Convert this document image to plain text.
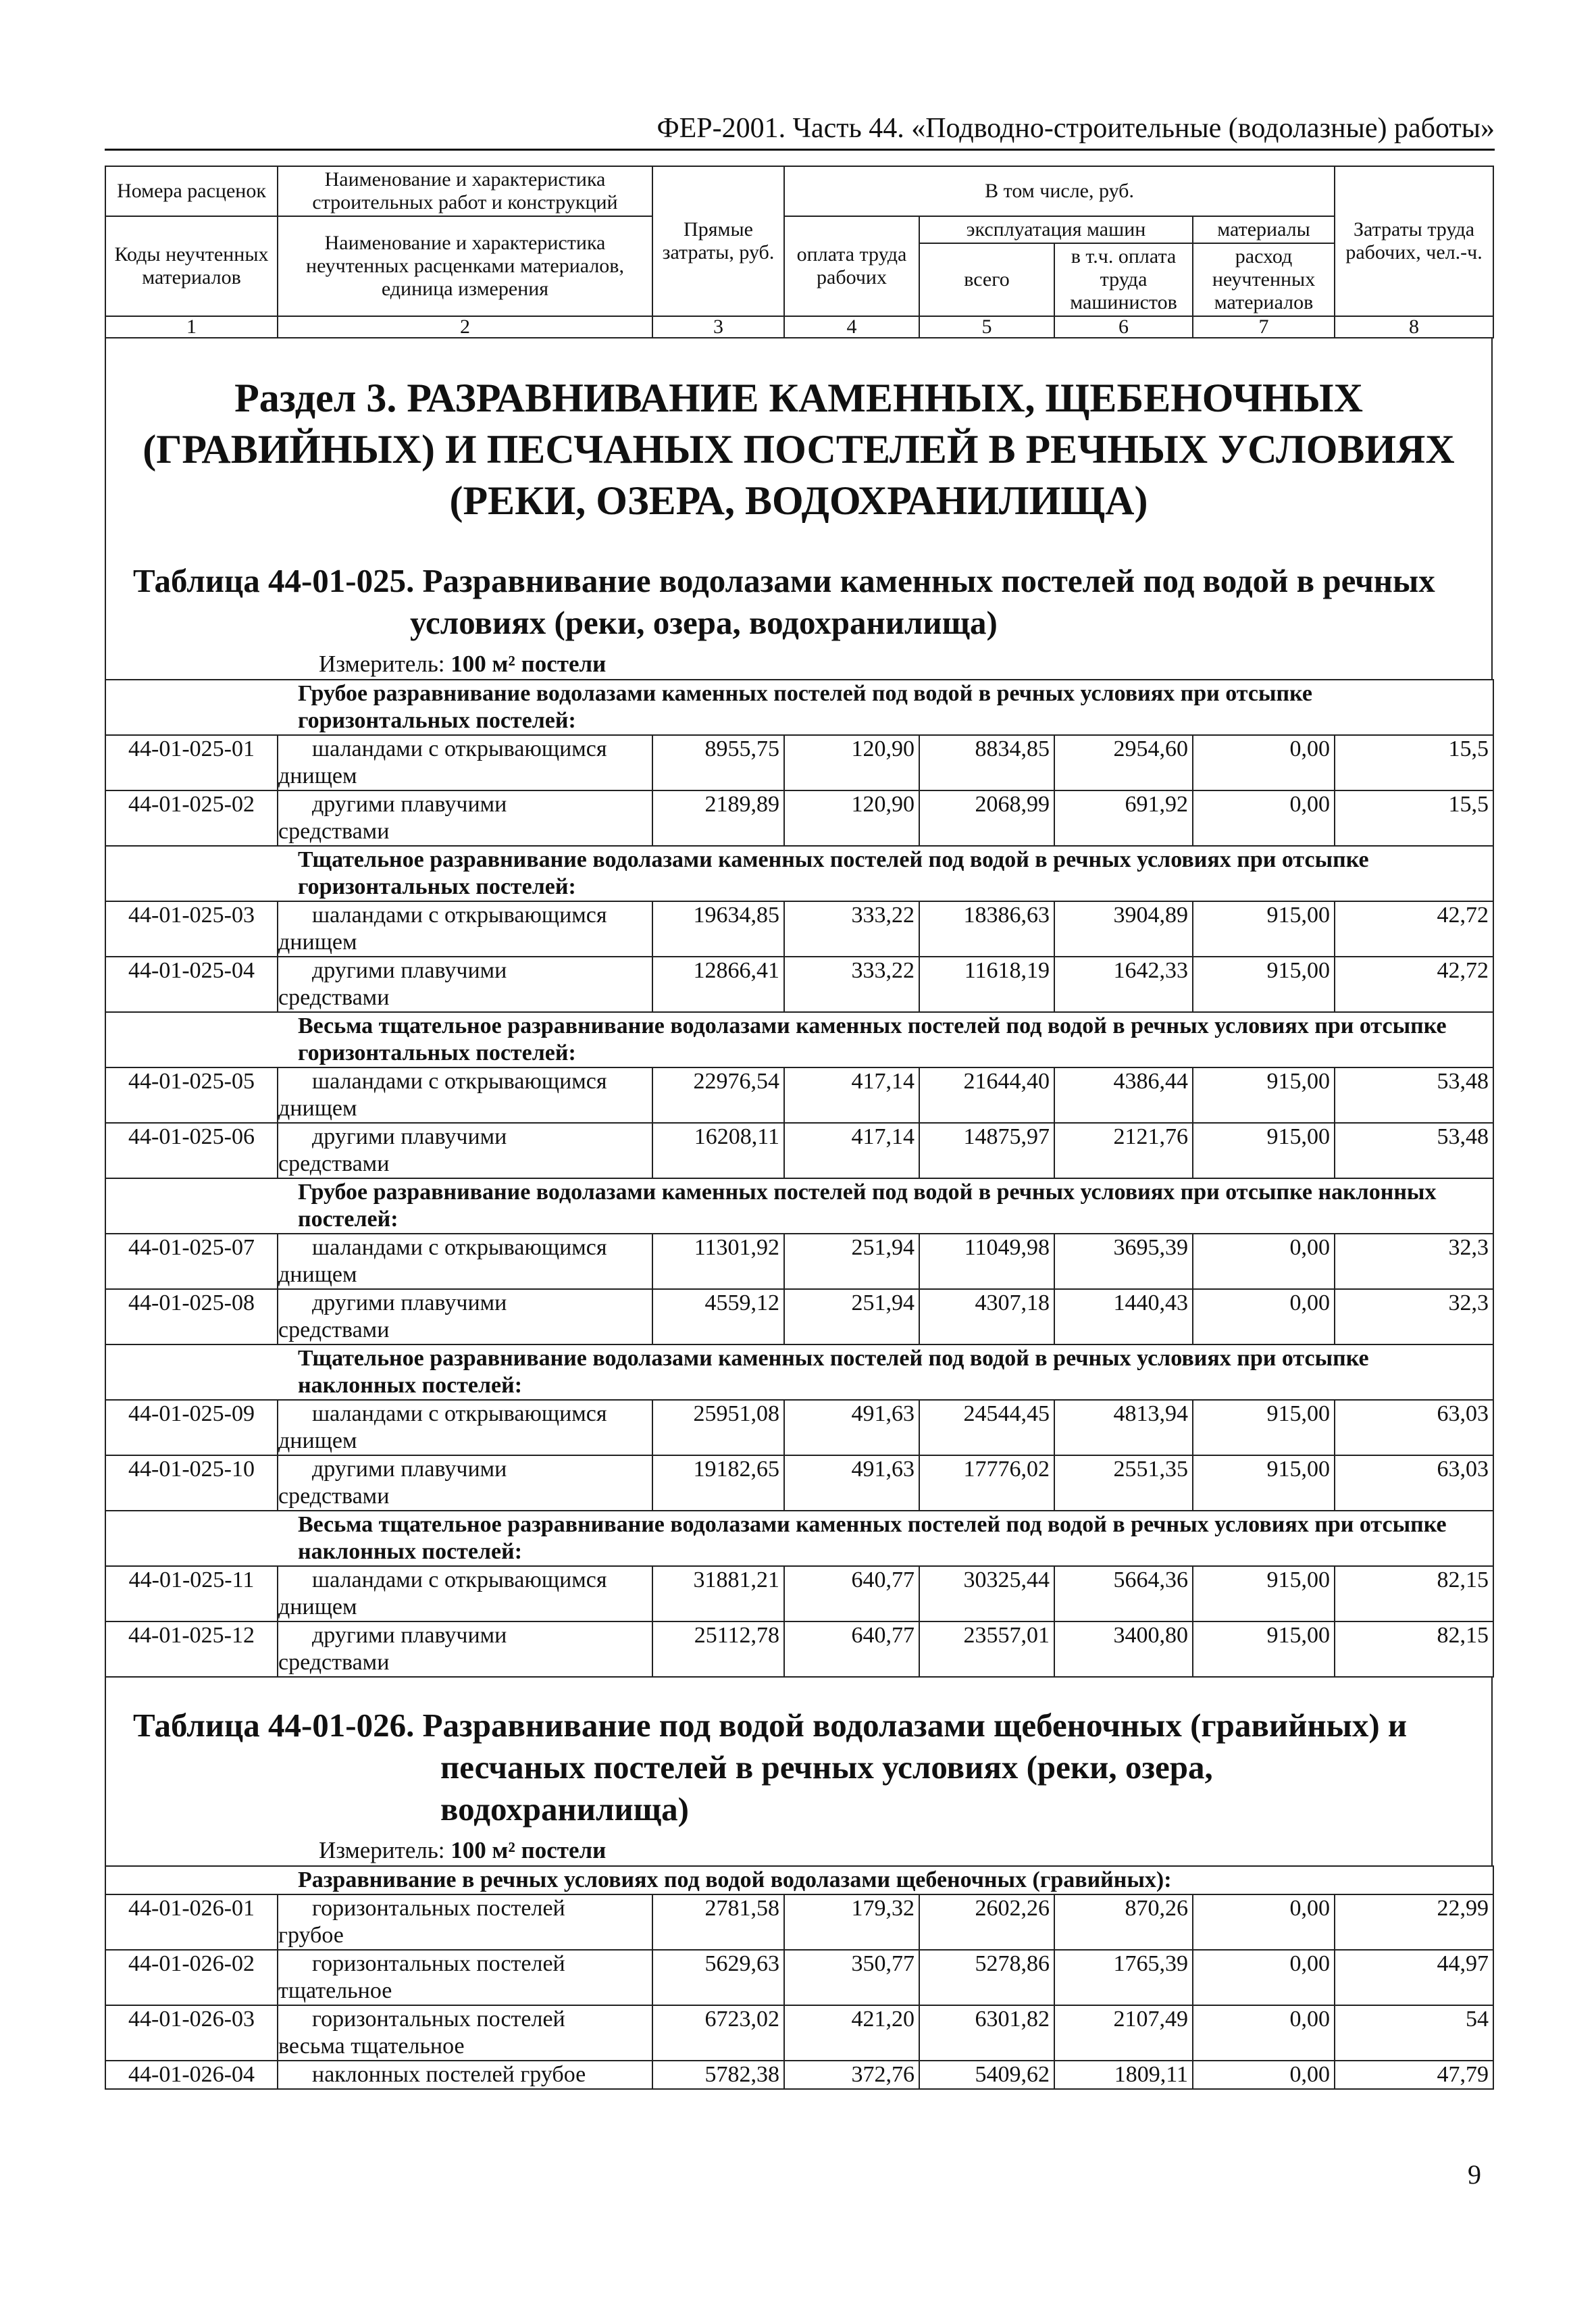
ФЕР-2001. Часть 44. «Подводно-строительные (водолазные) работы»
Номера расценок	Наименование и характеристика строительных работ и конструкций	Прямые затраты, руб.	В том числе, руб.				Затраты труда рабочих, чел.-ч.
Коды неучтенных материалов	Наименование и характеристика неучтенных расценками материалов, единица измерения		оплата труда рабочих	эксплуатация машин		материалы	
				всего	в т.ч. оплата труда машинистов	расход неучтенных материалов	

1	2	3	4	5	6	7	8
Раздел 3. РАЗРАВНИВАНИЕ КАМЕННЫХ, ЩЕБЕНОЧНЫХ (ГРАВИЙНЫХ) И ПЕСЧАНЫХ ПОСТЕЛЕЙ В РЕЧНЫХ УСЛОВИЯХ (РЕКИ, ОЗЕРА, ВОДОХРАНИЛИЩА)
Таблица 44-01-025. Разравнивание водолазами каменных постелей под водой в речных
условиях (реки, озера, водохранилища)
Измеритель: 100 м² постели
	Грубое разравнивание водолазами каменных постелей под водой в речных условиях при отсыпке горизонтальных постелей:						
44-01-025-01	шаландами с открывающимся
днищем	8955,75	120,90	8834,85	2954,60	0,00	15,5
44-01-025-02	другими плавучими
средствами	2189,89	120,90	2068,99	691,92	0,00	15,5
	Тщательное разравнивание водолазами каменных постелей под водой в речных условиях при отсыпке горизонтальных постелей:						
44-01-025-03	шаландами с открывающимся
днищем	19634,85	333,22	18386,63	3904,89	915,00	42,72
44-01-025-04	другими плавучими
средствами	12866,41	333,22	11618,19	1642,33	915,00	42,72
	Весьма тщательное разравнивание водолазами каменных постелей под водой в речных условиях при отсыпке горизонтальных постелей:						
44-01-025-05	шаландами с открывающимся
днищем	22976,54	417,14	21644,40	4386,44	915,00	53,48
44-01-025-06	другими плавучими
средствами	16208,11	417,14	14875,97	2121,76	915,00	53,48
	Грубое разравнивание водолазами каменных постелей под водой в речных условиях при отсыпке наклонных постелей:						
44-01-025-07	шаландами с открывающимся
днищем	11301,92	251,94	11049,98	3695,39	0,00	32,3
44-01-025-08	другими плавучими
средствами	4559,12	251,94	4307,18	1440,43	0,00	32,3
	Тщательное разравнивание водолазами каменных постелей под водой в речных условиях при отсыпке наклонных постелей:						
44-01-025-09	шаландами с открывающимся
днищем	25951,08	491,63	24544,45	4813,94	915,00	63,03
44-01-025-10	другими плавучими
средствами	19182,65	491,63	17776,02	2551,35	915,00	63,03
	Весьма тщательное разравнивание водолазами каменных постелей под водой в речных условиях при отсыпке наклонных постелей:						
44-01-025-11	шаландами с открывающимся
днищем	31881,21	640,77	30325,44	5664,36	915,00	82,15
44-01-025-12	другими плавучими
средствами	25112,78	640,77	23557,01	3400,80	915,00	82,15
Таблица 44-01-026. Разравнивание под водой водолазами щебеночных (гравийных) и
песчаных постелей в речных условиях (реки, озера, водохранилища)
Измеритель: 100 м² постели
	Разравнивание в речных условиях под водой водолазами щебеночных (гравийных):						
44-01-026-01	горизонтальных постелей
грубое	2781,58	179,32	2602,26	870,26	0,00	22,99
44-01-026-02	горизонтальных постелей
тщательное	5629,63	350,77	5278,86	1765,39	0,00	44,97
44-01-026-03	горизонтальных постелей
весьма тщательное	6723,02	421,20	6301,82	2107,49	0,00	54
44-01-026-04	наклонных постелей грубое	5782,38	372,76	5409,62	1809,11	0,00	47,79
9
